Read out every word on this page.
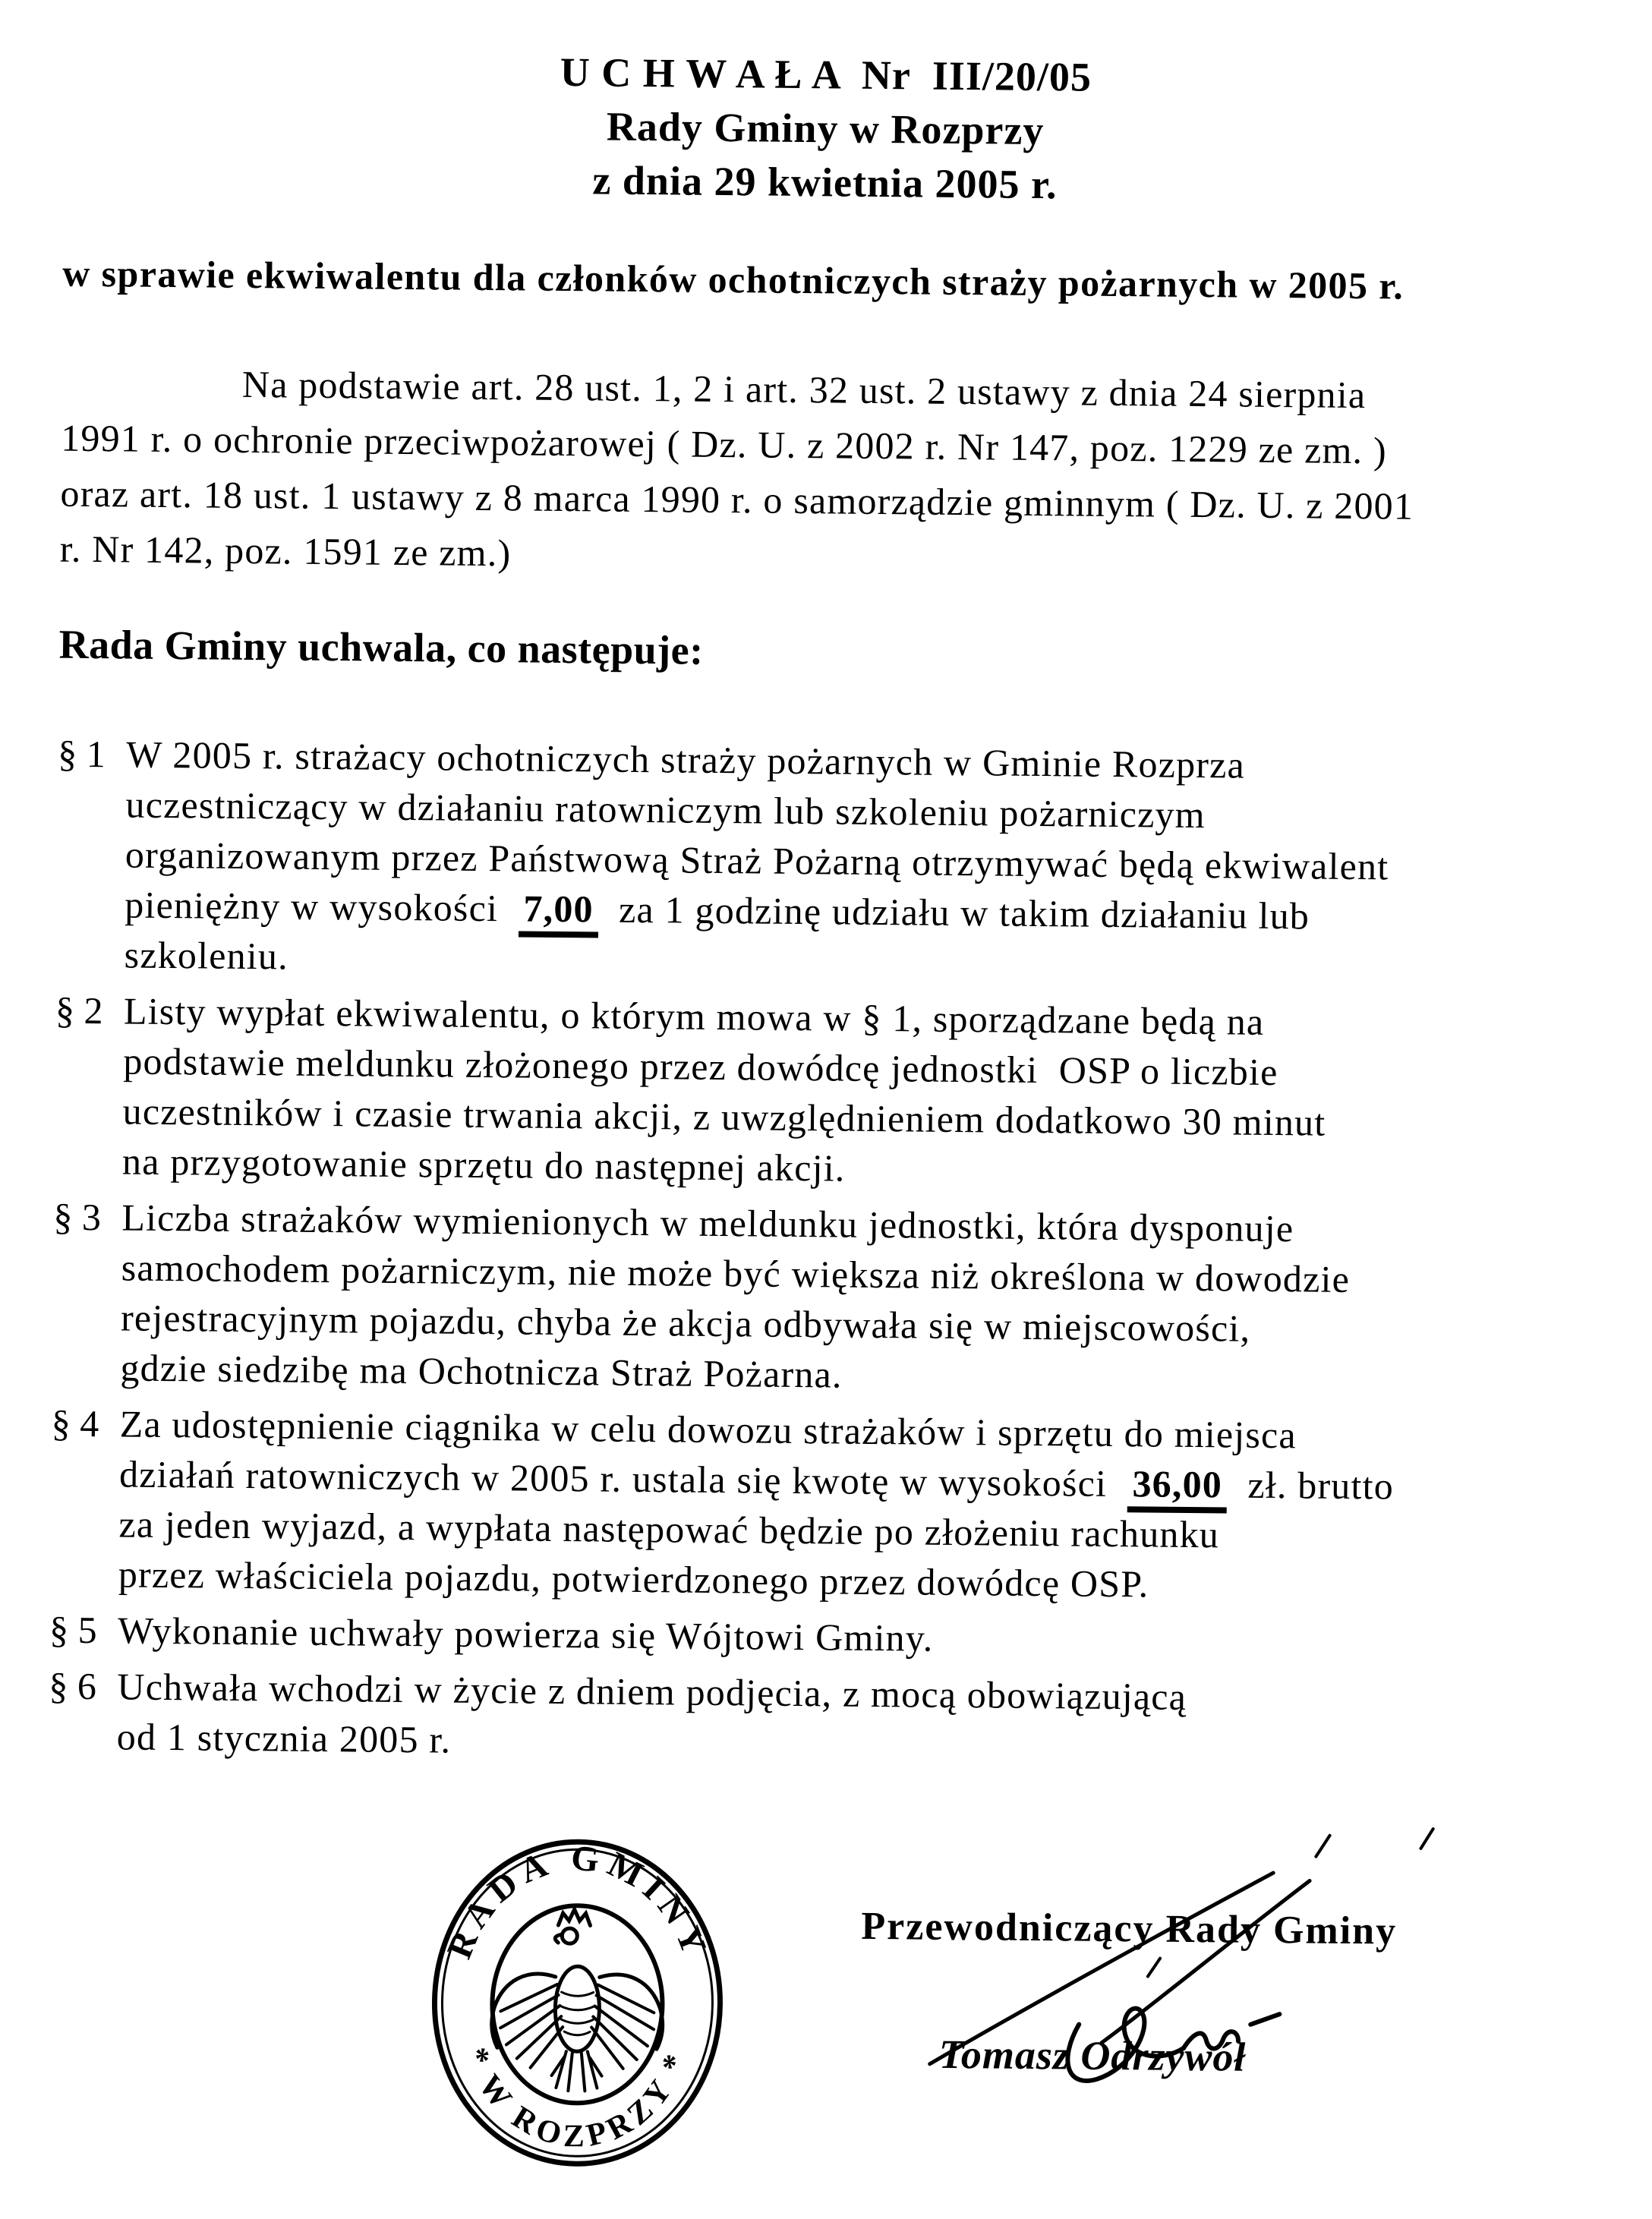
U C H W A Ł A  Nr  III/20/05
Rady Gminy w Rozprzy
z dnia 29 kwietnia 2005 r.
w sprawie ekwiwalentu dla członków ochotniczych straży pożarnych w 2005 r.
Na podstawie art. 28 ust. 1, 2 i art. 32 ust. 2 ustawy z dnia 24 sierpnia
1991 r. o ochronie przeciwpożarowej ( Dz. U. z 2002 r. Nr 147, poz. 1229 ze zm. )
oraz art. 18 ust. 1 ustawy z 8 marca 1990 r. o samorządzie gminnym ( Dz. U. z 2001
r. Nr 142, poz. 1591 ze zm.)
Rada Gminy uchwala, co następuje:
§ 1 W 2005 r. strażacy ochotniczych straży pożarnych w Gminie Rozprza
uczestniczący w działaniu ratowniczym lub szkoleniu pożarniczym
organizowanym przez Państwową Straż Pożarną otrzymywać będą ekwiwalent
pieniężny w wysokości  7,00  za 1 godzinę udziału w takim działaniu lub
szkoleniu.
§ 2 Listy wypłat ekwiwalentu, o którym mowa w § 1, sporządzane będą na
podstawie meldunku złożonego przez dowódcę jednostki  OSP o liczbie
uczestników i czasie trwania akcji, z uwzględnieniem dodatkowo 30 minut
na przygotowanie sprzętu do następnej akcji.
§ 3 Liczba strażaków wymienionych w meldunku jednostki, która dysponuje
samochodem pożarniczym, nie może być większa niż określona w dowodzie
rejestracyjnym pojazdu, chyba że akcja odbywała się w miejscowości,
gdzie siedzibę ma Ochotnicza Straż Pożarna.
§ 4 Za udostępnienie ciągnika w celu dowozu strażaków i sprzętu do miejsca
działań ratowniczych w 2005 r. ustala się kwotę w wysokości  36,00  zł. brutto
za jeden wyjazd, a wypłata następować będzie po złożeniu rachunku
przez właściciela pojazdu, potwierdzonego przez dowódcę OSP.
§ 5 Wykonanie uchwały powierza się Wójtowi Gminy.
§ 6 Uchwała wchodzi w życie z dniem podjęcia, z mocą obowiązującą
od 1 stycznia 2005 r.
RADA GMINY
* W ROZPRZY *
Przewodniczący Rady Gminy
Tomasz Odrzywół
